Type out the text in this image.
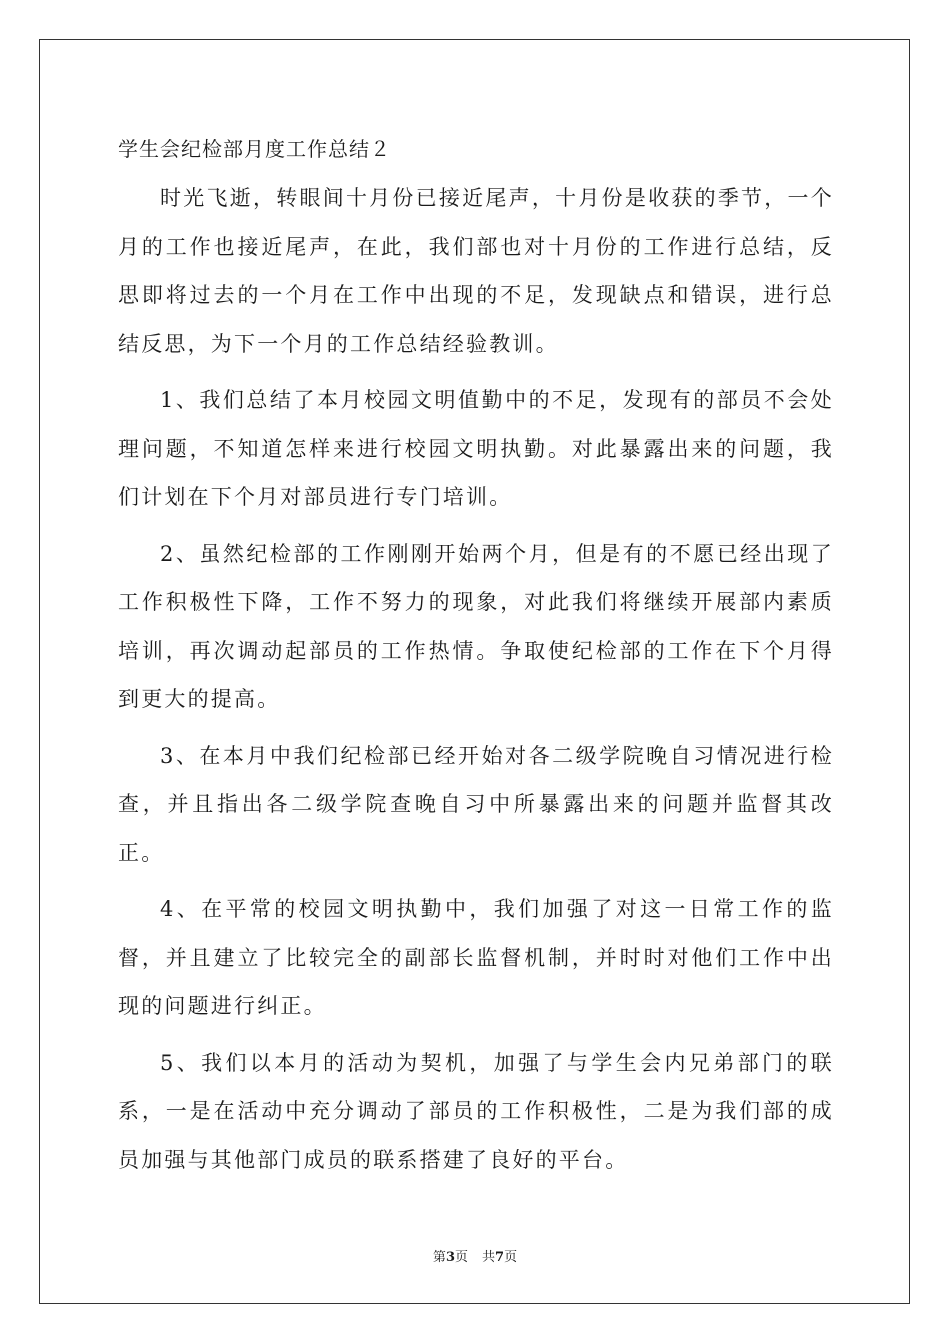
学生会纪检部月度工作总结２

时光飞逝，转眼间十月份已接近尾声，十月份是收获的季节，一个月的工作也接近尾声，在此，我们部也对十月份的工作进行总结，反思即将过去的一个月在工作中出现的不足，发现缺点和错误，进行总结反思，为下一个月的工作总结经验教训。

1、我们总结了本月校园文明值勤中的不足，发现有的部员不会处理问题，不知道怎样来进行校园文明执勤。对此暴露出来的问题，我们计划在下个月对部员进行专门培训。

2、虽然纪检部的工作刚刚开始两个月，但是有的不愿已经出现了工作积极性下降，工作不努力的现象，对此我们将继续开展部内素质培训，再次调动起部员的工作热情。争取使纪检部的工作在下个月得到更大的提高。

3、在本月中我们纪检部已经开始对各二级学院晚自习情况进行检查，并且指出各二级学院查晚自习中所暴露出来的问题并监督其改正。

4、在平常的校园文明执勤中，我们加强了对这一日常工作的监督，并且建立了比较完全的副部长监督机制，并时时对他们工作中出现的问题进行纠正。

5、我们以本月的活动为契机，加强了与学生会内兄弟部门的联系，一是在活动中充分调动了部员的工作积极性，二是为我们部的成员加强与其他部门成员的联系搭建了良好的平台。

第3页 共7页
